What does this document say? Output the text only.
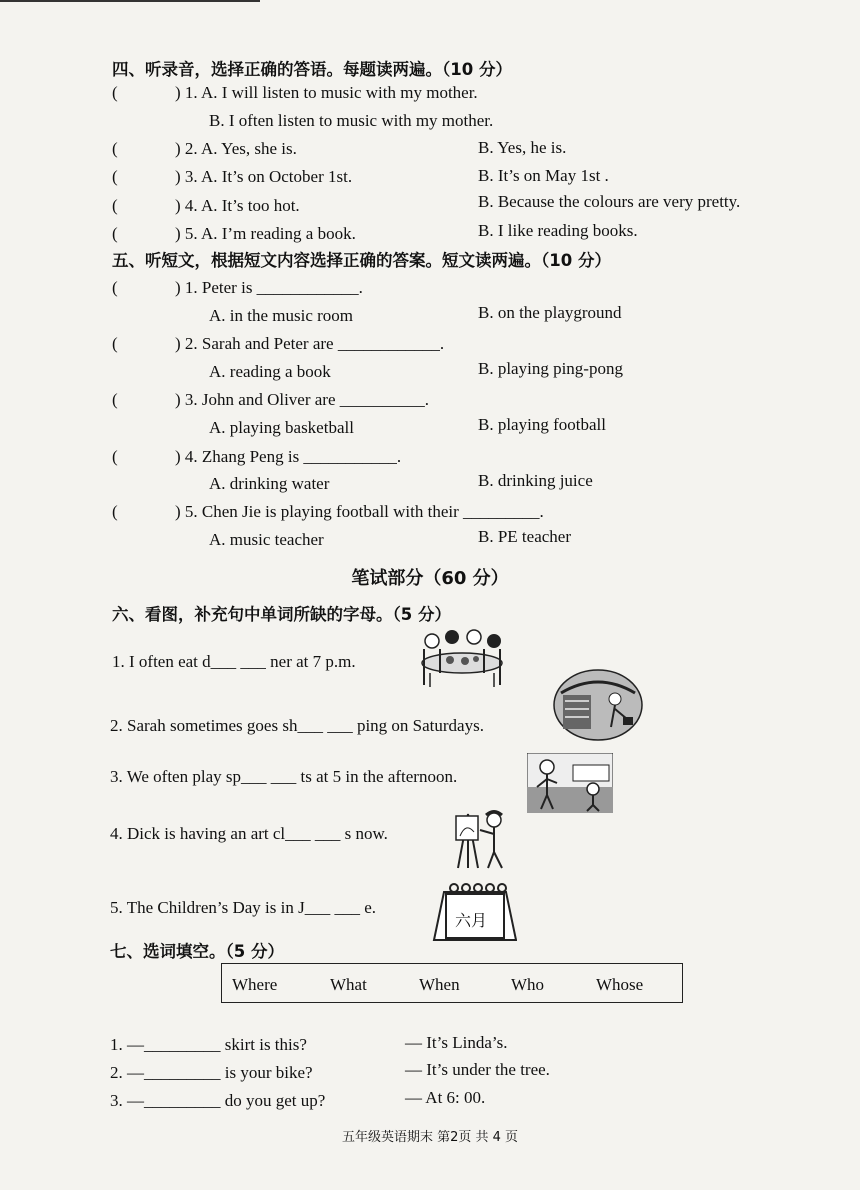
四、听录音，选择正确的答语。每题读两遍。（10 分）
(	) 1. A. I will listen to music with my mother.
B. I often listen to music with my mother.
(	) 2. A. Yes, she is.	B. Yes, he is.
(	) 3. A. It’s on October 1st.	B. It’s on May 1st .
(	) 4. A. It’s too hot.	B. Because the colours are very pretty.
(	) 5. A. I’m reading a book.	B. I like reading books.
五、听短文，根据短文内容选择正确的答案。短文读两遍。（10 分）
(	) 1. Peter is ____________.
A. in the music room	B. on the playground
(	) 2. Sarah and Peter are ____________.
A. reading a book	B. playing ping-pong
(	) 3. John and Oliver are __________.
A. playing basketball	B. playing football
(	) 4. Zhang Peng is ___________.
A. drinking water	B. drinking juice
(	) 5. Chen Jie is playing football with their _________.
A. music teacher	B. PE teacher
笔试部分（60 分）
六、看图，补充句中单词所缺的字母。（5 分）
1. I often eat d___ ___ ner at 7 p.m.
2. Sarah sometimes goes sh___ ___ ping on Saturdays.
3. We often play sp___ ___ ts at 5 in the afternoon.
4. Dick is having an art cl___ ___ s now.
5. The Children’s Day is in J___ ___ e.
六月
七、选词填空。（5 分）
Where	What	When	Who	Whose
1. —_________ skirt is this?	— It’s Linda’s.
2. —_________ is your bike?	— It’s under the tree.
3. —_________ do you get up?	— At 6: 00.
五年级英语期末 第2页 共 4 页
